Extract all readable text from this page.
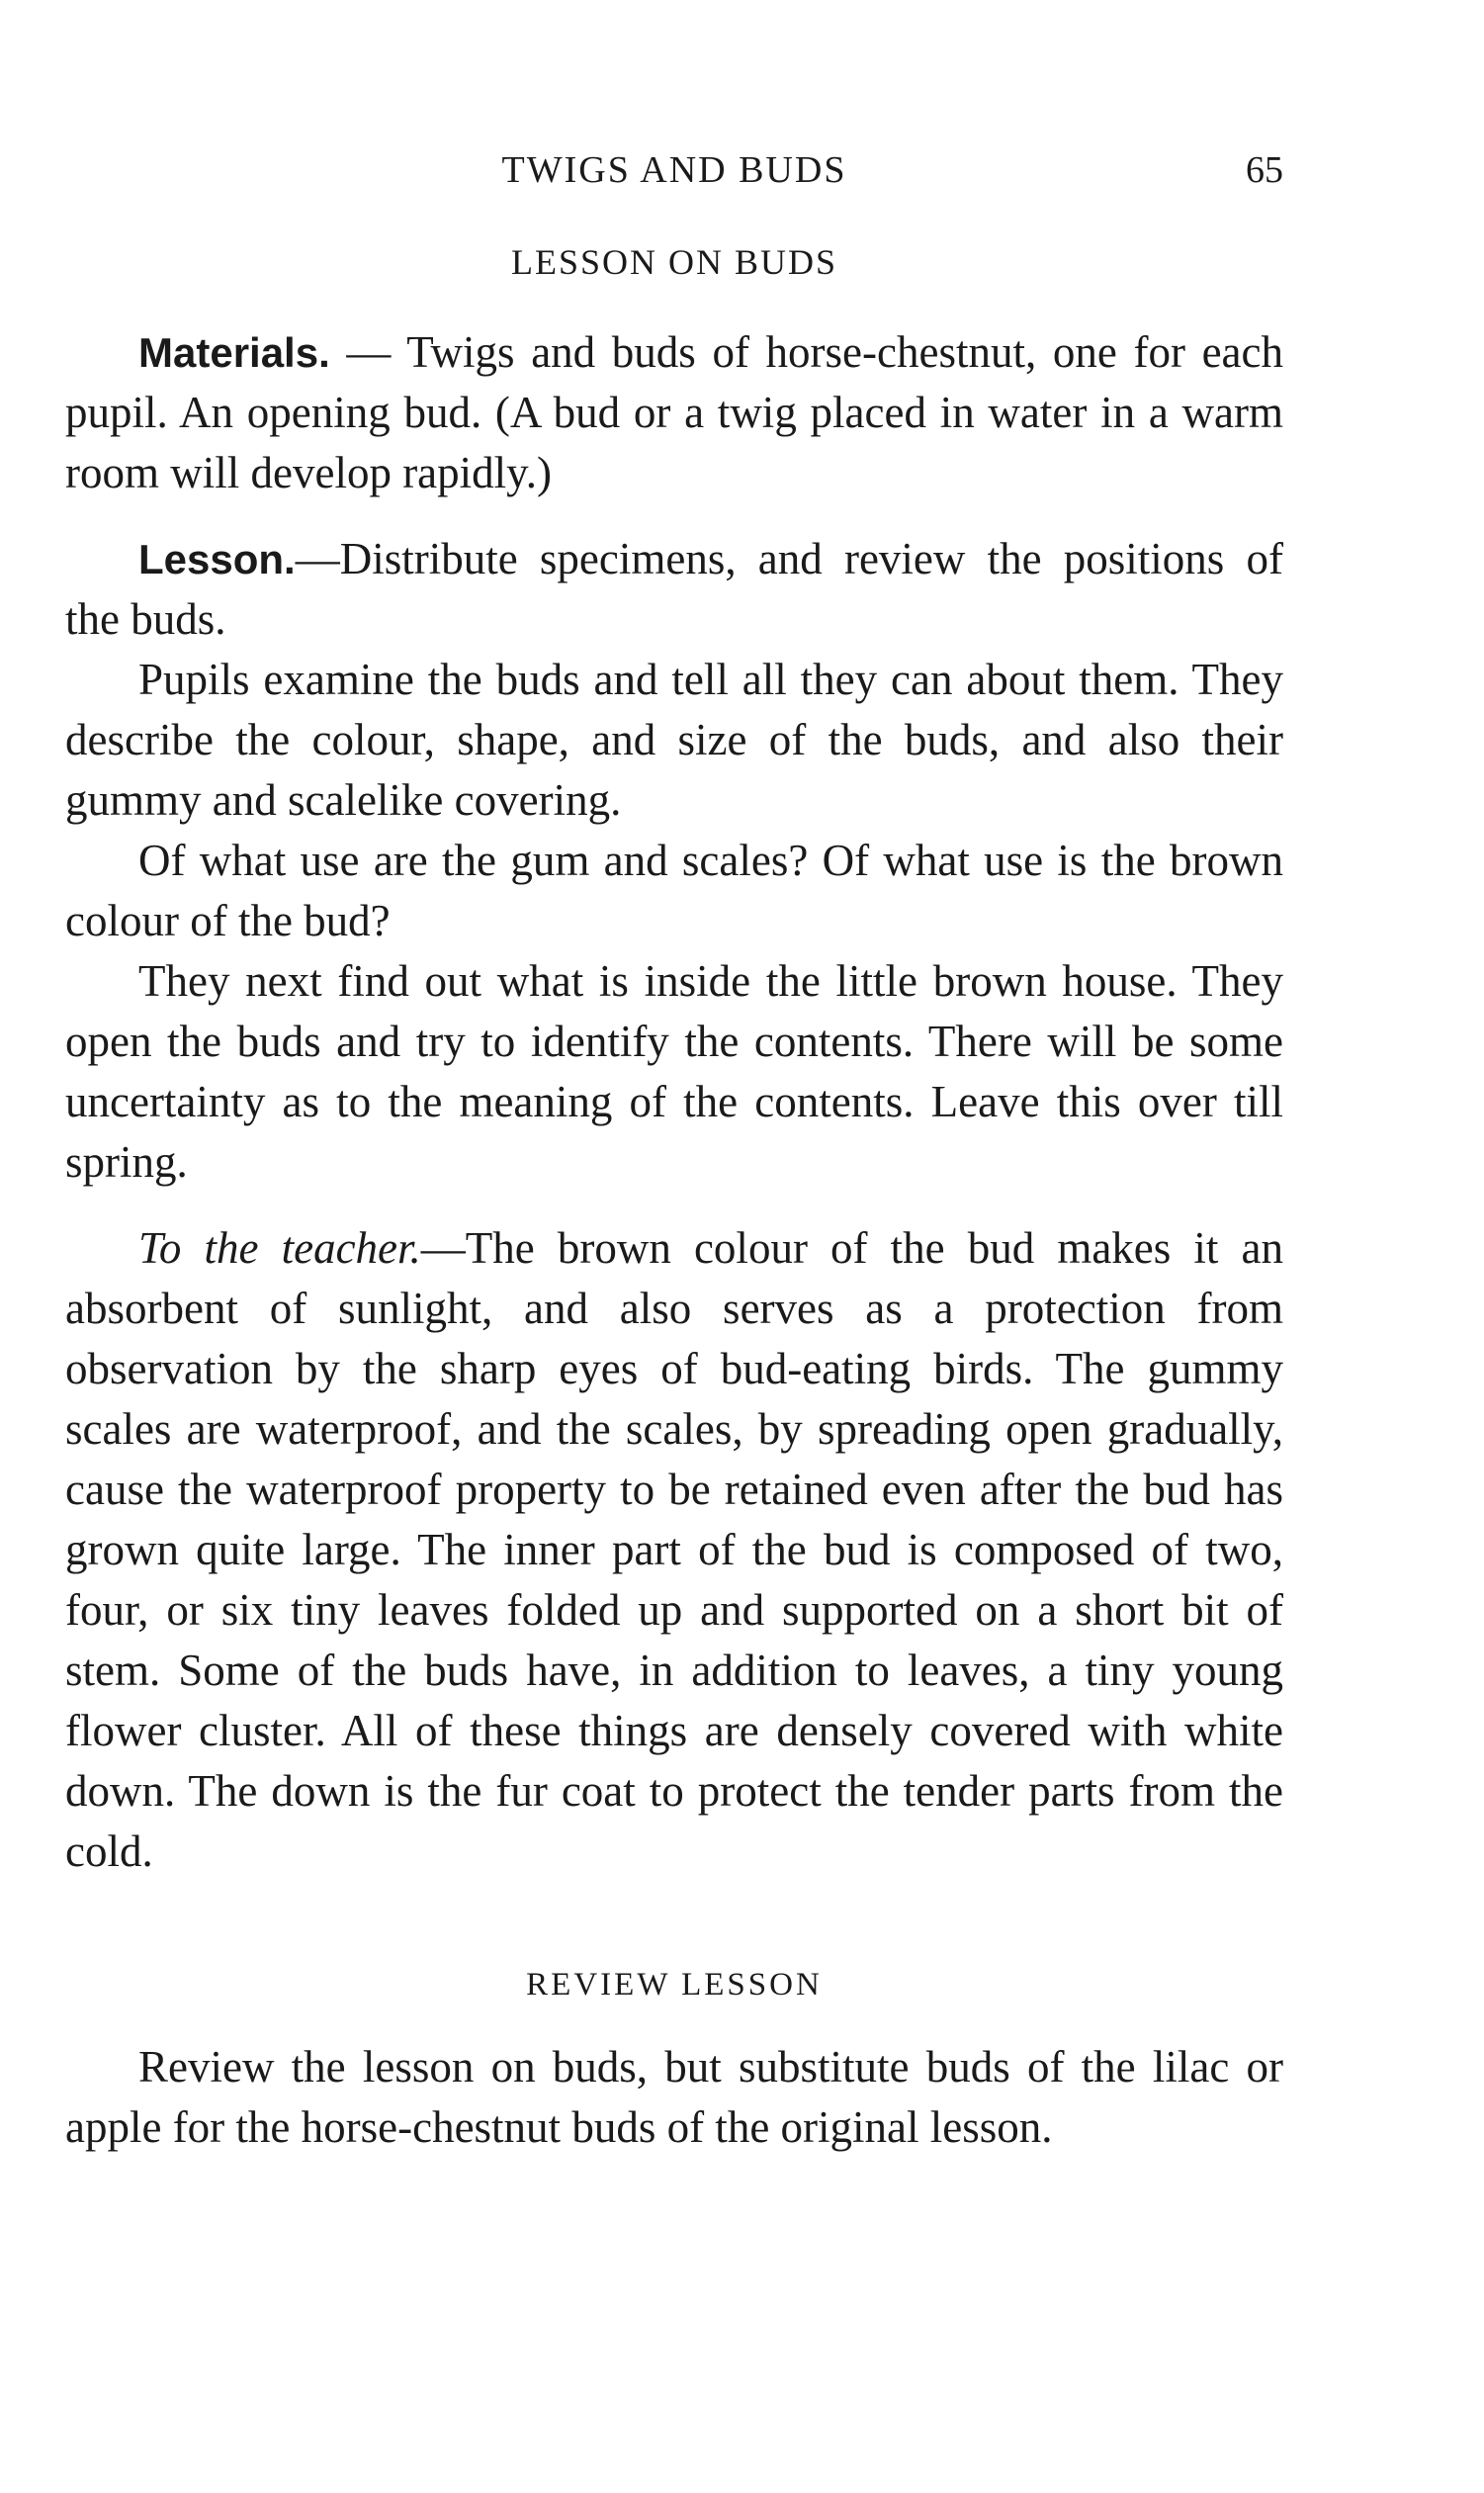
TWIGS AND BUDS	65
LESSON ON BUDS

Materials. — Twigs and buds of horse-chestnut, one for each pupil. An opening bud. (A bud or a twig placed in water in a warm room will develop rapidly.)

Lesson.—Distribute specimens, and review the positions of the buds.

Pupils examine the buds and tell all they can about them. They describe the colour, shape, and size of the buds, and also their gummy and scalelike covering.

Of what use are the gum and scales? Of what use is the brown colour of the bud?

They next find out what is inside the little brown house. They open the buds and try to identify the contents. There will be some uncertainty as to the meaning of the contents. Leave this over till spring.

To the teacher.—The brown colour of the bud makes it an absorbent of sunlight, and also serves as a protection from observation by the sharp eyes of bud-eating birds. The gummy scales are waterproof, and the scales, by spreading open gradually, cause the waterproof property to be retained even after the bud has grown quite large. The inner part of the bud is composed of two, four, or six tiny leaves folded up and supported on a short bit of stem. Some of the buds have, in addition to leaves, a tiny young flower cluster. All of these things are densely covered with white down. The down is the fur coat to protect the tender parts from the cold.

REVIEW LESSON

Review the lesson on buds, but substitute buds of the lilac or apple for the horse-chestnut buds of the original lesson.
